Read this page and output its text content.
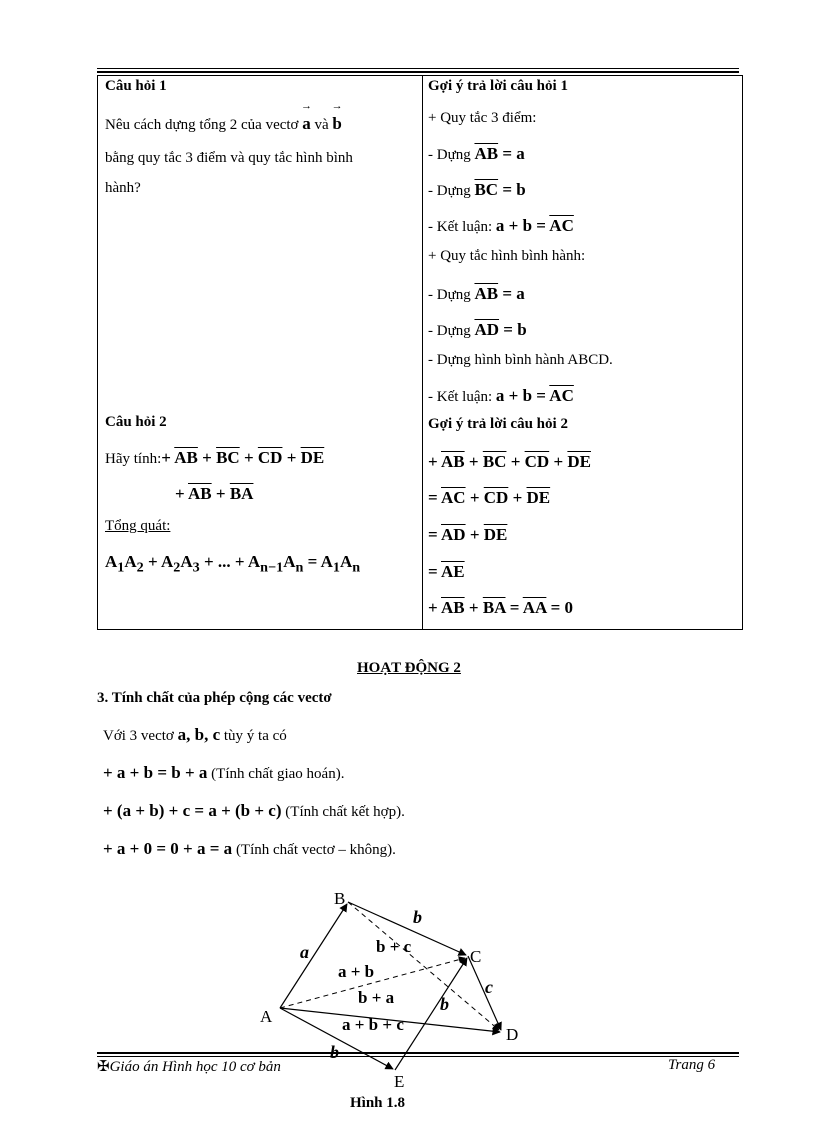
Câu hỏi 1
Nêu cách dựng tổng 2 của vectơ → a và → b
bằng quy tắc 3 điểm và quy tắc hình bình
hành?
Câu hỏi 2
Hãy tính:+ $\overline{AB} + \overline{BC} + \overline{CD} + \overline{DE}$
+ $\overline{AB} + \overline{BA}$
Tổng quát:
$A_1A_2 + A_2A_3$ + ... + $A_{n-1}A_n = A_1A_n$
Gợi ý trả lời câu hỏi 1
+ Quy tắc 3 điểm:
- Dựng $\overline{AB} = a$
- Dựng $\overline{BC} = b$
- Kết luận: $a + b = \overline{AC}$
+ Quy tắc hình bình hành:
- Dựng $\overline{AB} = a$
- Dựng $\overline{AD} = b$
- Dựng hình bình hành ABCD.
- Kết luận: $a + b = \overline{AC}$
Gợi ý trả lời câu hỏi 2
+ $\overline{AB} + \overline{BC} + \overline{CD} + \overline{DE}$
= $\overline{AC} + \overline{CD} + \overline{DE}$
= $\overline{AD} + \overline{DE}$
= $\overline{AE}$
+ $\overline{AB} + \overline{BA} = \overline{AA} = 0$
HOẠT ĐỘNG 2
3. Tính chất của phép cộng các vectơ
Với 3 vectơ a, b, c tùy ý ta có
+ a + b = b + a (Tính chất giao hoán).
+ (a + b) + c = a + (b + c) (Tính chất kết hợp).
+ a + 0 = 0 + a = a (Tính chất vectơ – không).
A
B
C
D
E
a
b
c
b
b + c
a + b
b + a
a + b + c
✠Giáo án Hình học 10 cơ bản	Trang 6
Hình 1.8
